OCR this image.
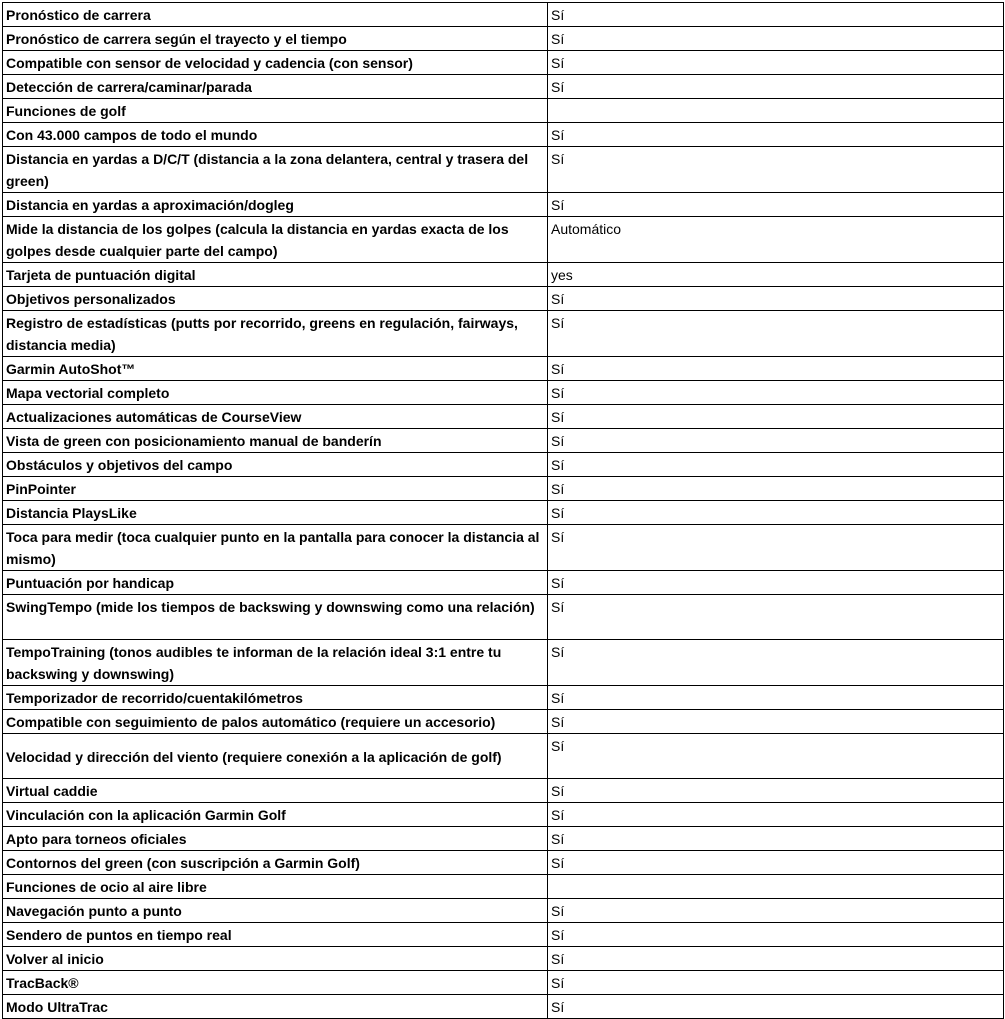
Pronóstico de carrera	Sí
Pronóstico de carrera según el trayecto y el tiempo	Sí
Compatible con sensor de velocidad y cadencia (con sensor)	Sí
Detección de carrera/caminar/parada	Sí
Funciones de golf	
Con 43.000 campos de todo el mundo	Sí
Distancia en yardas a D/C/T (distancia a la zona delantera, central y trasera del green)	Sí
Distancia en yardas a aproximación/dogleg	Sí
Mide la distancia de los golpes (calcula la distancia en yardas exacta de los golpes desde cualquier parte del campo)	Automático
Tarjeta de puntuación digital	yes
Objetivos personalizados	Sí
Registro de estadísticas (putts por recorrido, greens en regulación, fairways, distancia media)	Sí
Garmin AutoShot™	Sí
Mapa vectorial completo	Sí
Actualizaciones automáticas de CourseView	Sí
Vista de green con posicionamiento manual de banderín	Sí
Obstáculos y objetivos del campo	Sí
PinPointer	Sí
Distancia PlaysLike	Sí
Toca para medir (toca cualquier punto en la pantalla para conocer la distancia al mismo)	Sí
Puntuación por handicap	Sí
SwingTempo (mide los tiempos de backswing y downswing como una relación)	Sí
TempoTraining (tonos audibles te informan de la relación ideal 3:1 entre tu backswing y downswing)	Sí
Temporizador de recorrido/cuentakilómetros	Sí
Compatible con seguimiento de palos automático (requiere un accesorio)	Sí
Velocidad y dirección del viento (requiere conexión a la aplicación de golf)	Sí
Virtual caddie	Sí
Vinculación con la aplicación Garmin Golf	Sí
Apto para torneos oficiales	Sí
Contornos del green (con suscripción a Garmin Golf)	Sí
Funciones de ocio al aire libre	
Navegación punto a punto	Sí
Sendero de puntos en tiempo real	Sí
Volver al inicio	Sí
TracBack®	Sí
Modo UltraTrac	Sí
